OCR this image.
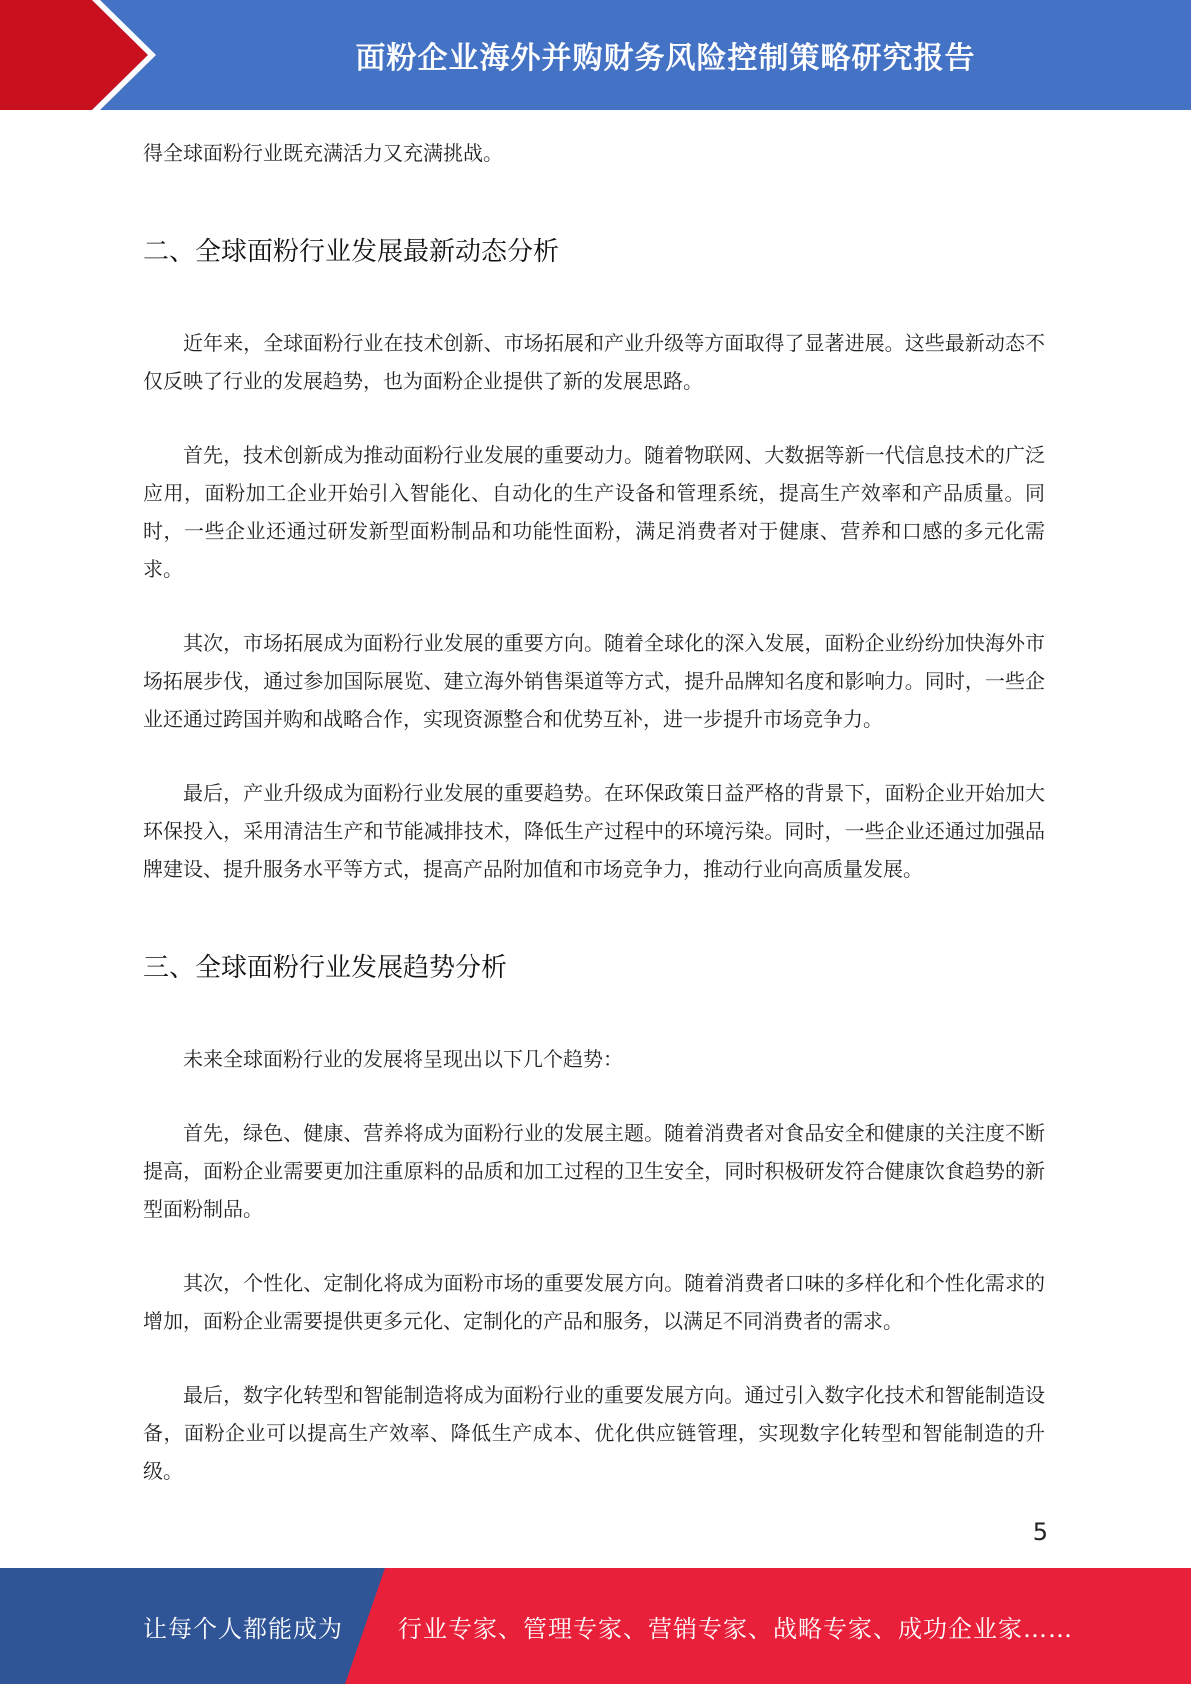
面粉企业海外并购财务风险控制策略研究报告

得全球面粉行业既充满活力又充满挑战。

二、全球面粉行业发展最新动态分析

近年来，全球面粉行业在技术创新、市场拓展和产业升级等方面取得了显著进展。这些最新动态不仅反映了行业的发展趋势，也为面粉企业提供了新的发展思路。

首先，技术创新成为推动面粉行业发展的重要动力。随着物联网、大数据等新一代信息技术的广泛应用，面粉加工企业开始引入智能化、自动化的生产设备和管理系统，提高生产效率和产品质量。同时，一些企业还通过研发新型面粉制品和功能性面粉，满足消费者对于健康、营养和口感的多元化需求。

其次，市场拓展成为面粉行业发展的重要方向。随着全球化的深入发展，面粉企业纷纷加快海外市场拓展步伐，通过参加国际展览、建立海外销售渠道等方式，提升品牌知名度和影响力。同时，一些企业还通过跨国并购和战略合作，实现资源整合和优势互补，进一步提升市场竞争力。

最后，产业升级成为面粉行业发展的重要趋势。在环保政策日益严格的背景下，面粉企业开始加大环保投入，采用清洁生产和节能减排技术，降低生产过程中的环境污染。同时，一些企业还通过加强品牌建设、提升服务水平等方式，提高产品附加值和市场竞争力，推动行业向高质量发展。

三、全球面粉行业发展趋势分析

未来全球面粉行业的发展将呈现出以下几个趋势：

首先，绿色、健康、营养将成为面粉行业的发展主题。随着消费者对食品安全和健康的关注度不断提高，面粉企业需要更加注重原料的品质和加工过程的卫生安全，同时积极研发符合健康饮食趋势的新型面粉制品。

其次，个性化、定制化将成为面粉市场的重要发展方向。随着消费者口味的多样化和个性化需求的增加，面粉企业需要提供更多元化、定制化的产品和服务，以满足不同消费者的需求。

最后，数字化转型和智能制造将成为面粉行业的重要发展方向。通过引入数字化技术和智能制造设备，面粉企业可以提高生产效率、降低生产成本、优化供应链管理，实现数字化转型和智能制造的升级。

5
让每个人都能成为 行业专家、管理专家、营销专家、战略专家、成功企业家……
